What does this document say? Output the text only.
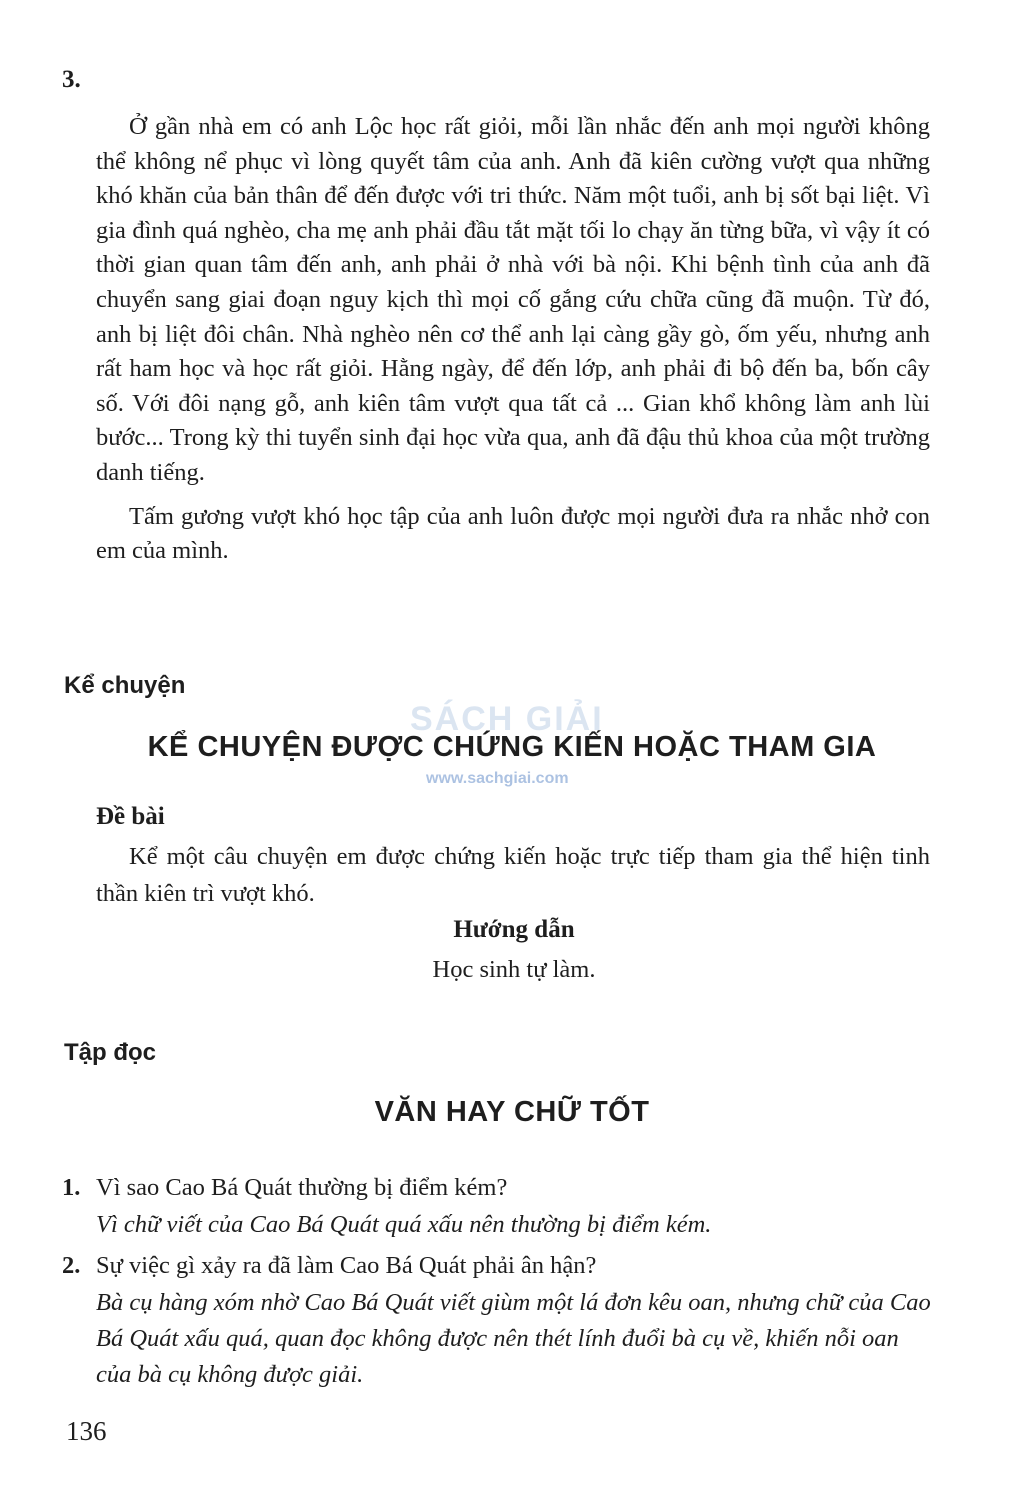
3.

Ở gần nhà em có anh Lộc học rất giỏi, mỗi lần nhắc đến anh mọi người không thể không nể phục vì lòng quyết tâm của anh. Anh đã kiên cường vượt qua những khó khăn của bản thân để đến được với tri thức. Năm một tuổi, anh bị sốt bại liệt. Vì gia đình quá nghèo, cha mẹ anh phải đầu tắt mặt tối lo chạy ăn từng bữa, vì vậy ít có thời gian quan tâm đến anh, anh phải ở nhà với bà nội. Khi bệnh tình của anh đã chuyển sang giai đoạn nguy kịch thì mọi cố gắng cứu chữa cũng đã muộn. Từ đó, anh bị liệt đôi chân. Nhà nghèo nên cơ thể anh lại càng gầy gò, ốm yếu, nhưng anh rất ham học và học rất giỏi. Hằng ngày, để đến lớp, anh phải đi bộ đến ba, bốn cây số. Với đôi nạng gỗ, anh kiên tâm vượt qua tất cả ... Gian khổ không làm anh lùi bước... Trong kỳ thi tuyển sinh đại học vừa qua, anh đã đậu thủ khoa của một trường danh tiếng.

Tấm gương vượt khó học tập của anh luôn được mọi người đưa ra nhắc nhở con em của mình.

Kể chuyện
KỂ CHUYỆN ĐƯỢC CHỨNG KIẾN HOẶC THAM GIA
SÁCH GIẢI
www.sachgiai.com
Đề bài

Kể một câu chuyện em được chứng kiến hoặc trực tiếp tham gia thể hiện tinh thần kiên trì vượt khó.

Hướng dẫn
Học sinh tự làm.
Tập đọc
VĂN HAY CHỮ TỐT

1. Vì sao Cao Bá Quát thường bị điểm kém?

Vì chữ viết của Cao Bá Quát quá xấu nên thường bị điểm kém.

2. Sự việc gì xảy ra đã làm Cao Bá Quát phải ân hận?

Bà cụ hàng xóm nhờ Cao Bá Quát viết giùm một lá đơn kêu oan, nhưng chữ của Cao Bá Quát xấu quá, quan đọc không được nên thét lính đuổi bà cụ về, khiến nỗi oan của bà cụ không được giải.

136
